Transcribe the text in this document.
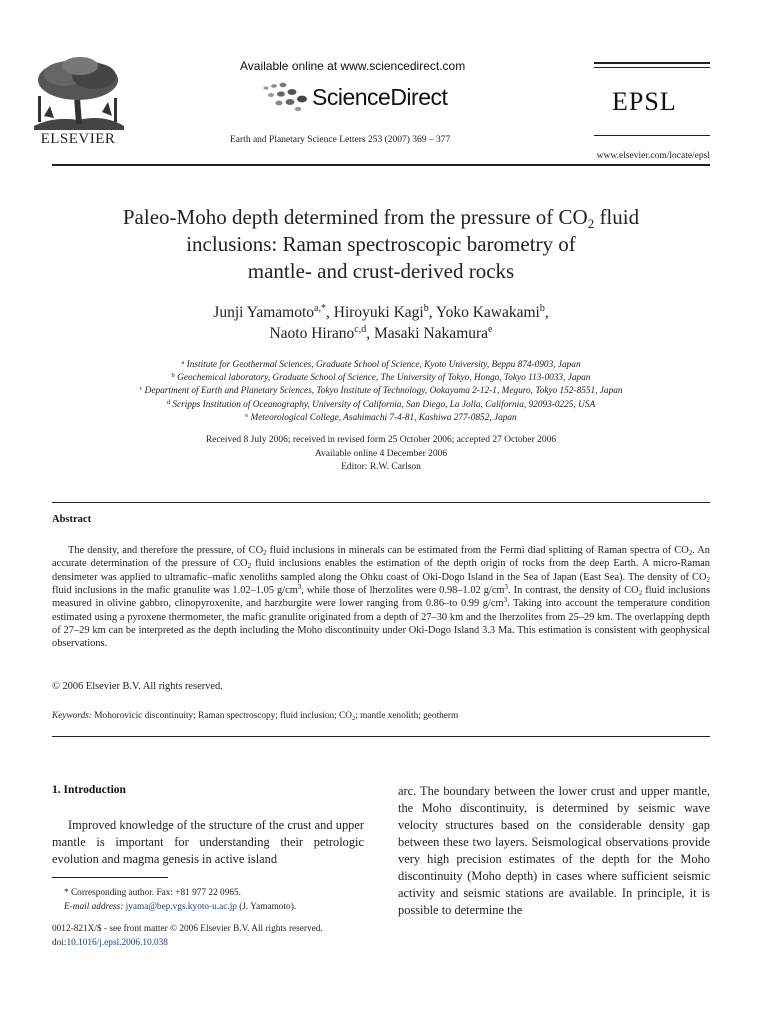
ELSEVIER
Available online at www.sciencedirect.com
ScienceDirect
Earth and Planetary Science Letters 253 (2007) 369 – 377
EPSL
www.elsevier.com/locate/epsl
Paleo-Moho depth determined from the pressure of $CO_2$ fluid
inclusions: Raman spectroscopic barometry of
mantle- and crust-derived rocks
Junji Yamamoto$^{a,*}$, Hiroyuki Kagi$^b$, Yoko Kawakami$^b$,
Naoto Hirano$^{c,d}$, Masaki Nakamura$^e$
$^a$ Institute for Geothermal Sciences, Graduate School of Science, Kyoto University, Beppu 874-0903, Japan
$^b$ Geochemical laboratory, Graduate School of Science, The University of Tokyo, Hongo, Tokyo 113-0033, Japan
$^c$ Department of Earth and Planetary Sciences, Tokyo Institute of Technology, Ookayama 2-12-1, Meguro, Tokyo 152-8551, Japan
$^d$ Scripps Institution of Oceanography, University of California, San Diego, La Jolla, California, 92093-0225, USA
$^e$ Meteorological College, Asahimachi 7-4-81, Kashiwa 277-0852, Japan
Received 8 July 2006; received in revised form 25 October 2006; accepted 27 October 2006
Available online 4 December 2006
Editor: R.W. Carlson
Abstract
The density, and therefore the pressure, of $CO_2$ fluid inclusions in minerals can be estimated from the Fermi diad splitting of Raman spectra of $CO_2$. An accurate determination of the pressure of $CO_2$ fluid inclusions enables the estimation of the depth origin of rocks from the deep Earth. A micro-Raman densimeter was applied to ultramafic–mafic xenoliths sampled along the Ohku coast of Oki-Dogo Island in the Sea of Japan (East Sea). The density of $CO_2$ fluid inclusions in the mafic granulite was 1.02–1.05 $g/cm^3$, while those of lherzolites were 0.98–1.02 $g/cm^3$. In contrast, the density of $CO_2$ fluid inclusions measured in olivine gabbro, clinopyroxenite, and harzburgite were lower ranging from 0.86–to 0.99 $g/cm^3$. Taking into account the temperature condition estimated using a pyroxene thermometer, the mafic granulite originated from a depth of 27–30 km and the lherzolites from 25–29 km. The overlapping depth of 27–29 km can be interpreted as the depth including the Moho discontinuity under Oki-Dogo Island 3.3 Ma. This estimation is consistent with geophysical observations.
© 2006 Elsevier B.V. All rights reserved.
Keywords: Mohorovicic discontinuity; Raman spectroscopy; fluid inclusion; $CO_2$; mantle xenolith; geotherm
1. Introduction
Improved knowledge of the structure of the crust and upper mantle is important for understanding their petrologic evolution and magma genesis in active island
arc. The boundary between the lower crust and upper mantle, the Moho discontinuity, is determined by seismic wave velocity structures based on the considerable density gap between these two layers. Seismological observations provide very high precision estimates of the depth for the Moho discontinuity (Moho depth) in cases where sufficient seismic activity and seismic stations are available. In principle, it is possible to determine the
* Corresponding author. Fax: +81 977 22 0965.
E-mail address: jyama@bep.vgs.kyoto-u.ac.jp (J. Yamamoto).
0012-821X/$ - see front matter © 2006 Elsevier B.V. All rights reserved.
doi:10.1016/j.epsl.2006.10.038
